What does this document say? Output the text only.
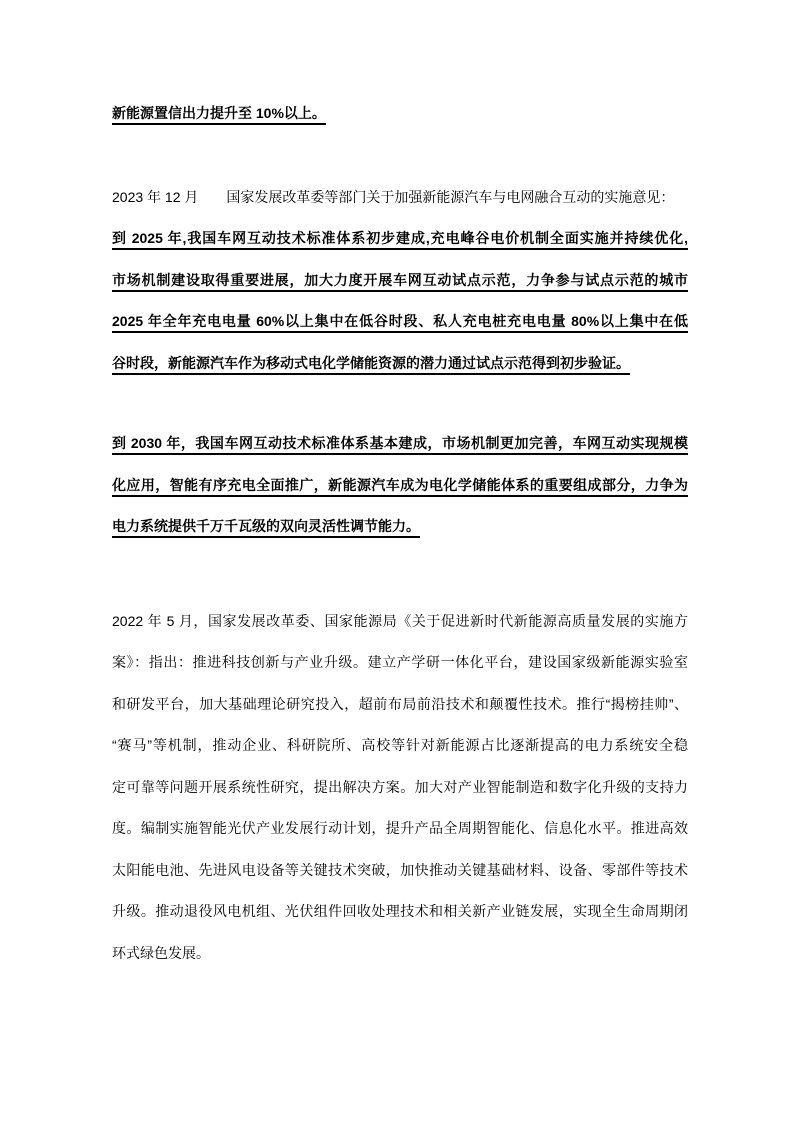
新能源置信出力提升至 10%以上。
2023 年 12 月　　国家发展改革委等部门关于加强新能源汽车与电网融合互动的实施意见：
到 2025 年,我国车网互动技术标准体系初步建成,充电峰谷电价机制全面实施并持续优化,
市场机制建设取得重要进展，加大力度开展车网互动试点示范，力争参与试点示范的城市
2025 年全年充电电量 60%以上集中在低谷时段、私人充电桩充电电量 80%以上集中在低
谷时段，新能源汽车作为移动式电化学储能资源的潜力通过试点示范得到初步验证。
到 2030 年，我国车网互动技术标准体系基本建成，市场机制更加完善，车网互动实现规模
化应用，智能有序充电全面推广，新能源汽车成为电化学储能体系的重要组成部分，力争为
电力系统提供千万千瓦级的双向灵活性调节能力。
2022 年 5 月，国家发展改革委、国家能源局《关于促进新时代新能源高质量发展的实施方
案》：指出：推进科技创新与产业升级。建立产学研一体化平台，建设国家级新能源实验室
和研发平台，加大基础理论研究投入，超前布局前沿技术和颠覆性技术。推行“揭榜挂帅”、
“赛马”等机制，推动企业、科研院所、高校等针对新能源占比逐渐提高的电力系统安全稳
定可靠等问题开展系统性研究，提出解决方案。加大对产业智能制造和数字化升级的支持力
度。编制实施智能光伏产业发展行动计划，提升产品全周期智能化、信息化水平。推进高效
太阳能电池、先进风电设备等关键技术突破，加快推动关键基础材料、设备、零部件等技术
升级。推动退役风电机组、光伏组件回收处理技术和相关新产业链发展，实现全生命周期闭
环式绿色发展。
